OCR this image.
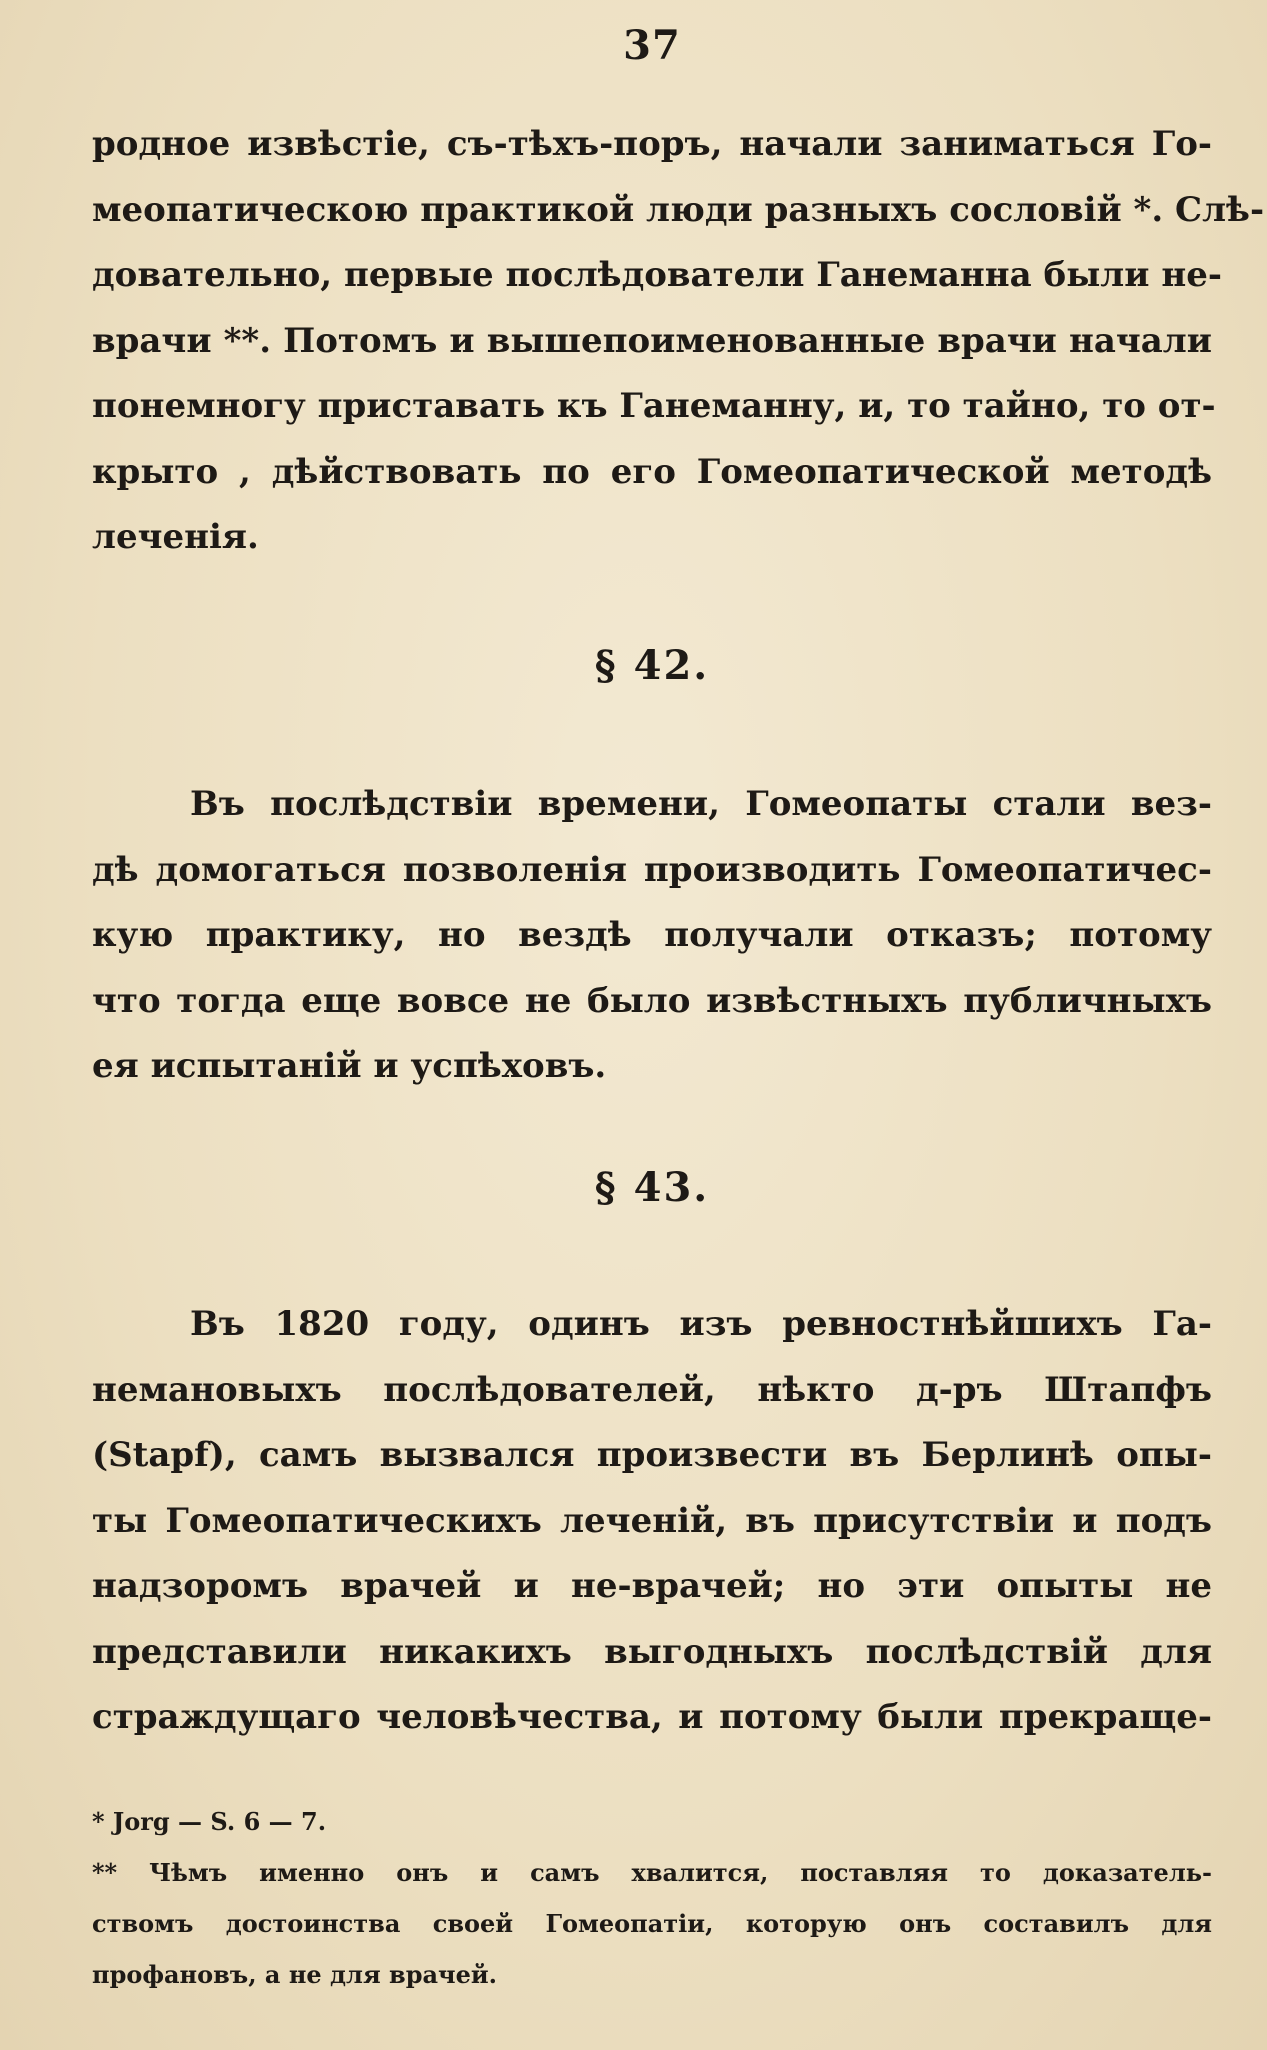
37
родное извѣстіе, съ-тѣхъ-поръ, начали заниматься Го-
меопатическою практикой люди разныхъ сословій *. Слѣ-
довательно, первые послѣдователи Ганеманна были не-
врачи **. Потомъ и вышепоименованные врачи начали
понемногу приставать къ Ганеманну, и, то тайно, то от-
крыто , дѣйствовать по его Гомеопатической методѣ
леченія.
§ 42.
Въ послѣдствіи времени, Гомеопаты стали вез-
дѣ домогаться позволенія производить Гомеопатичес-
кую практику, но вездѣ получали отказъ; потому
что тогда еще вовсе не было извѣстныхъ публичныхъ
ея испытаній и успѣховъ.
§ 43.
Въ 1820 году, одинъ изъ ревностнѣйшихъ Га-
немановыхъ послѣдователей, нѣкто д-ръ Штапфъ
(Stapf), самъ вызвался произвести въ Берлинѣ опы-
ты Гомеопатическихъ леченій, въ присутствіи и подъ
надзоромъ врачей и не-врачей; но эти опыты не
представили никакихъ выгодныхъ послѣдствій для
страждущаго человѣчества, и потому были прекраще-
* Jorg — S. 6 — 7.
** Чѣмъ именно онъ и самъ хвалится, поставляя то доказатель-
ствомъ достоинства своей Гомеопатіи, которую онъ составилъ для
профановъ, а не для врачей.
